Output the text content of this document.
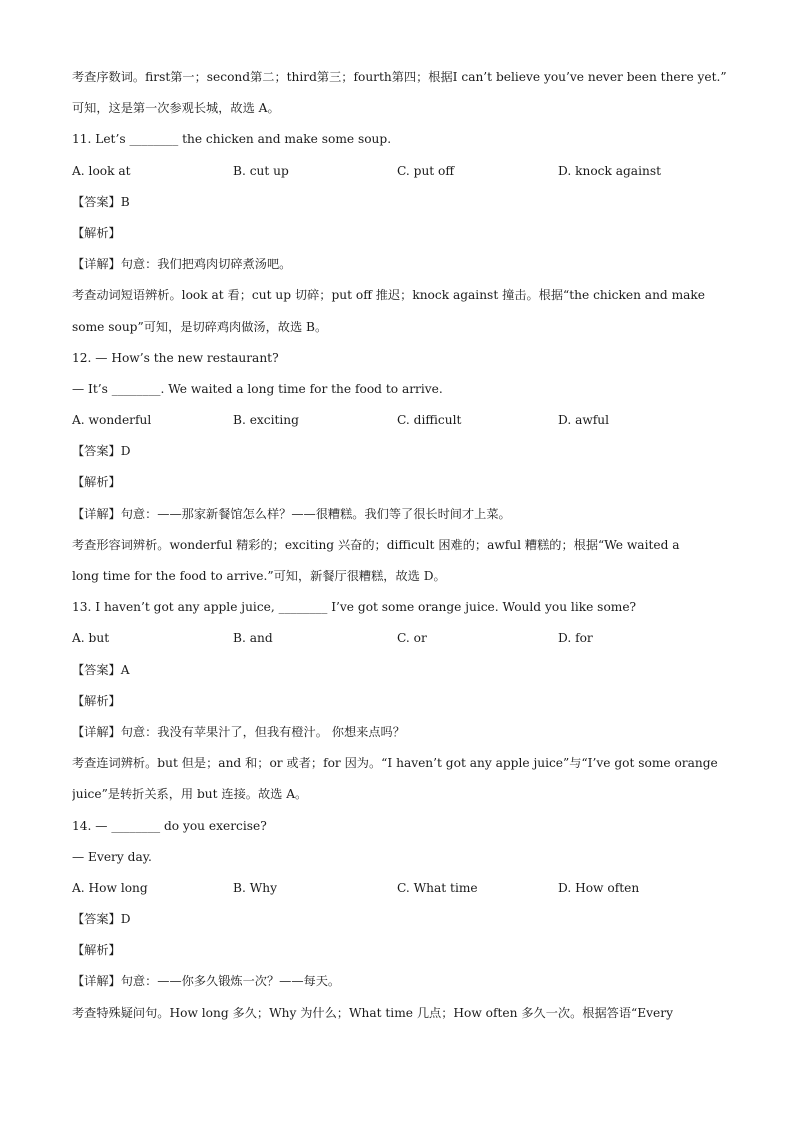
考查序数词。first第一；second第二；third第三；fourth第四；根据I can’t believe you’ve never been there yet.”
可知，这是第一次参观长城，故选 A。
11. Let’s ________ the chicken and make some soup.
A. look at	B. cut up	C. put off	D. knock against
【答案】B
【解析】
【详解】句意：我们把鸡肉切碎煮汤吧。
考查动词短语辨析。look at 看；cut up 切碎；put off 推迟；knock against 撞击。根据“the chicken and make
some soup”可知，是切碎鸡肉做汤，故选 B。
12. — How’s the new restaurant?
— It’s ________. We waited a long time for the food to arrive.
A. wonderful	B. exciting	C. difficult	D. awful
【答案】D
【解析】
【详解】句意：——那家新餐馆怎么样？——很糟糕。我们等了很长时间才上菜。
考查形容词辨析。wonderful 精彩的；exciting 兴奋的；difficult 困难的；awful 糟糕的；根据“We waited a
long time for the food to arrive.”可知，新餐厅很糟糕，故选 D。
13. I haven’t got any apple juice, ________ I’ve got some orange juice. Would you like some?
A. but	B. and	C. or	D. for
【答案】A
【解析】
【详解】句意：我没有苹果汁了，但我有橙汁。 你想来点吗？
考查连词辨析。but 但是；and 和；or 或者；for 因为。“I haven’t got any apple juice”与“I’ve got some orange
juice”是转折关系，用 but 连接。故选 A。
14. — ________ do you exercise?
— Every day.
A. How long	B. Why	C. What time	D. How often
【答案】D
【解析】
【详解】句意：——你多久锻炼一次？——每天。
考查特殊疑问句。How long 多久；Why 为什么；What time 几点；How often 多久一次。根据答语“Every
